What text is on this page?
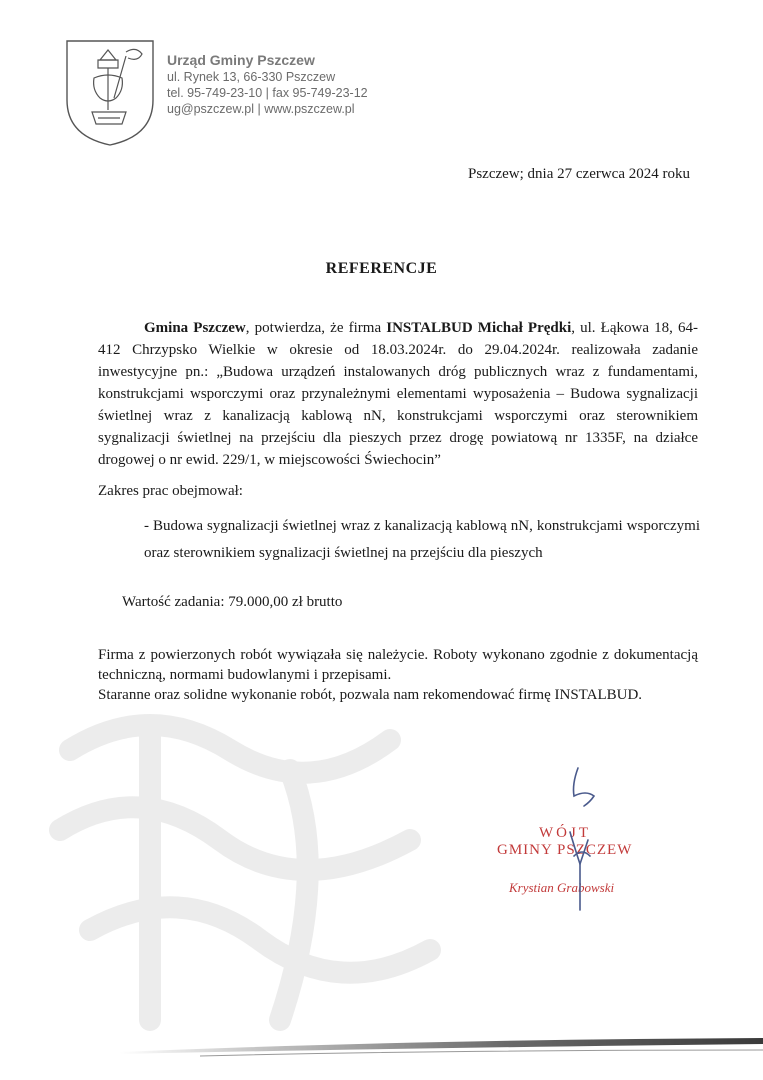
Urząd Gminy Pszczew
ul. Rynek 13, 66-330 Pszczew
tel. 95-749-23-10 | fax 95-749-23-12
ug@pszczew.pl | www.pszczew.pl
Pszczew; dnia 27 czerwca 2024 roku
REFERENCJE
Gmina Pszczew, potwierdza, że firma INSTALBUD Michał Prędki, ul. Łąkowa 18, 64-412 Chrzypsko Wielkie w okresie od 18.03.2024r. do 29.04.2024r. realizowała zadanie inwestycyjne pn.: „Budowa urządzeń instalowanych dróg publicznych wraz z fundamentami, konstrukcjami wsporczymi oraz przynależnymi elementami wyposażenia – Budowa sygnalizacji świetlnej wraz z kanalizacją kablową nN, konstrukcjami wsporczymi oraz sterownikiem sygnalizacji świetlnej na przejściu dla pieszych przez drogę powiatową nr 1335F, na działce drogowej o nr ewid. 229/1, w miejscowości Świechocin”
Zakres prac obejmował:
- Budowa sygnalizacji świetlnej wraz z kanalizacją kablową nN, konstrukcjami wsporczymi oraz sterownikiem sygnalizacji świetlnej na przejściu dla pieszych
Wartość zadania: 79.000,00 zł brutto

Firma z powierzonych robót wywiązała się należycie. Roboty wykonano zgodnie z dokumentacją techniczną, normami budowlanymi i przepisami.

Staranne oraz solidne wykonanie robót, pozwala nam rekomendować firmę INSTALBUD.

WÓJT
GMINY PSZCZEW
Krystian Grabowski
